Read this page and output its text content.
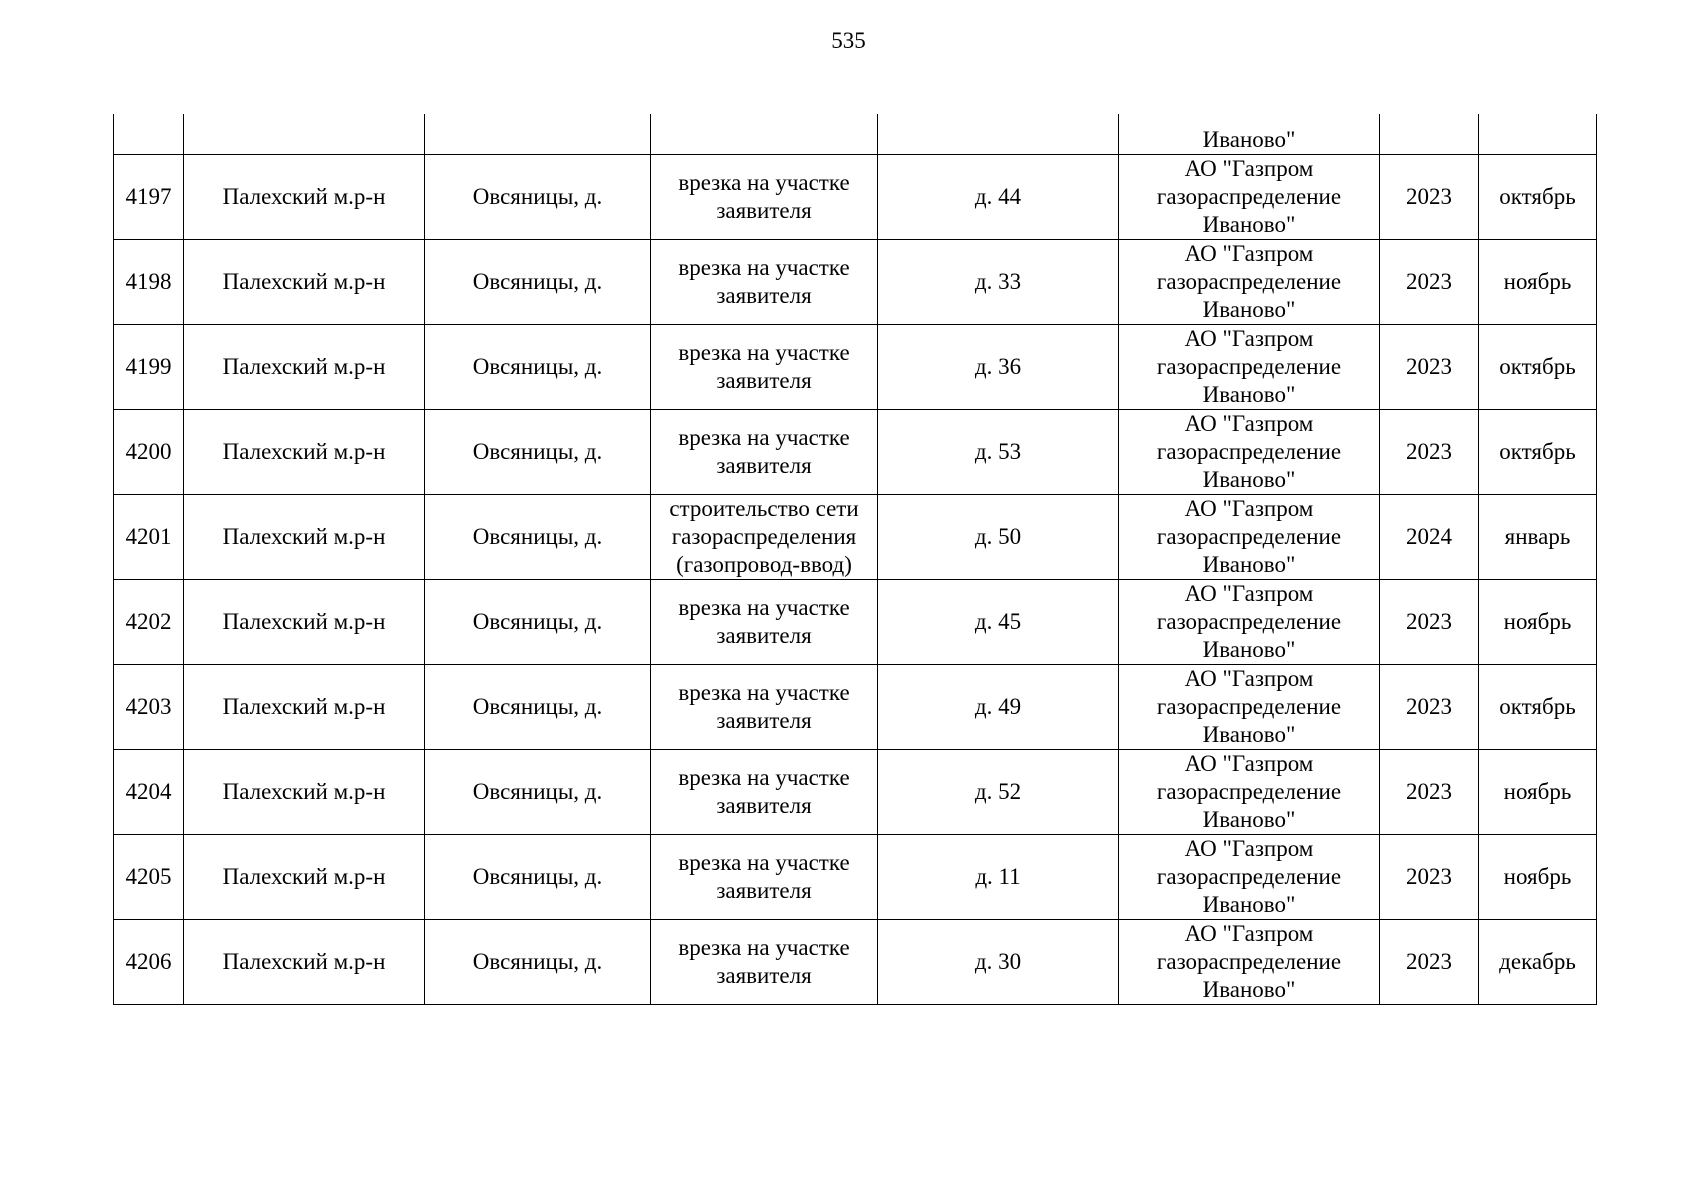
535
					Иваново"		
4197	Палехский м.р-н	Овсяницы, д.	врезка на участке заявителя	д. 44	АО "Газпром газораспределение Иваново"	2023	октябрь
4198	Палехский м.р-н	Овсяницы, д.	врезка на участке заявителя	д. 33	АО "Газпром газораспределение Иваново"	2023	ноябрь
4199	Палехский м.р-н	Овсяницы, д.	врезка на участке заявителя	д. 36	АО "Газпром газораспределение Иваново"	2023	октябрь
4200	Палехский м.р-н	Овсяницы, д.	врезка на участке заявителя	д. 53	АО "Газпром газораспределение Иваново"	2023	октябрь
4201	Палехский м.р-н	Овсяницы, д.	строительство сети газораспределения (газопровод-ввод)	д. 50	АО "Газпром газораспределение Иваново"	2024	январь
4202	Палехский м.р-н	Овсяницы, д.	врезка на участке заявителя	д. 45	АО "Газпром газораспределение Иваново"	2023	ноябрь
4203	Палехский м.р-н	Овсяницы, д.	врезка на участке заявителя	д. 49	АО "Газпром газораспределение Иваново"	2023	октябрь
4204	Палехский м.р-н	Овсяницы, д.	врезка на участке заявителя	д. 52	АО "Газпром газораспределение Иваново"	2023	ноябрь
4205	Палехский м.р-н	Овсяницы, д.	врезка на участке заявителя	д. 11	АО "Газпром газораспределение Иваново"	2023	ноябрь
4206	Палехский м.р-н	Овсяницы, д.	врезка на участке заявителя	д. 30	АО "Газпром газораспределение Иваново"	2023	декабрь
